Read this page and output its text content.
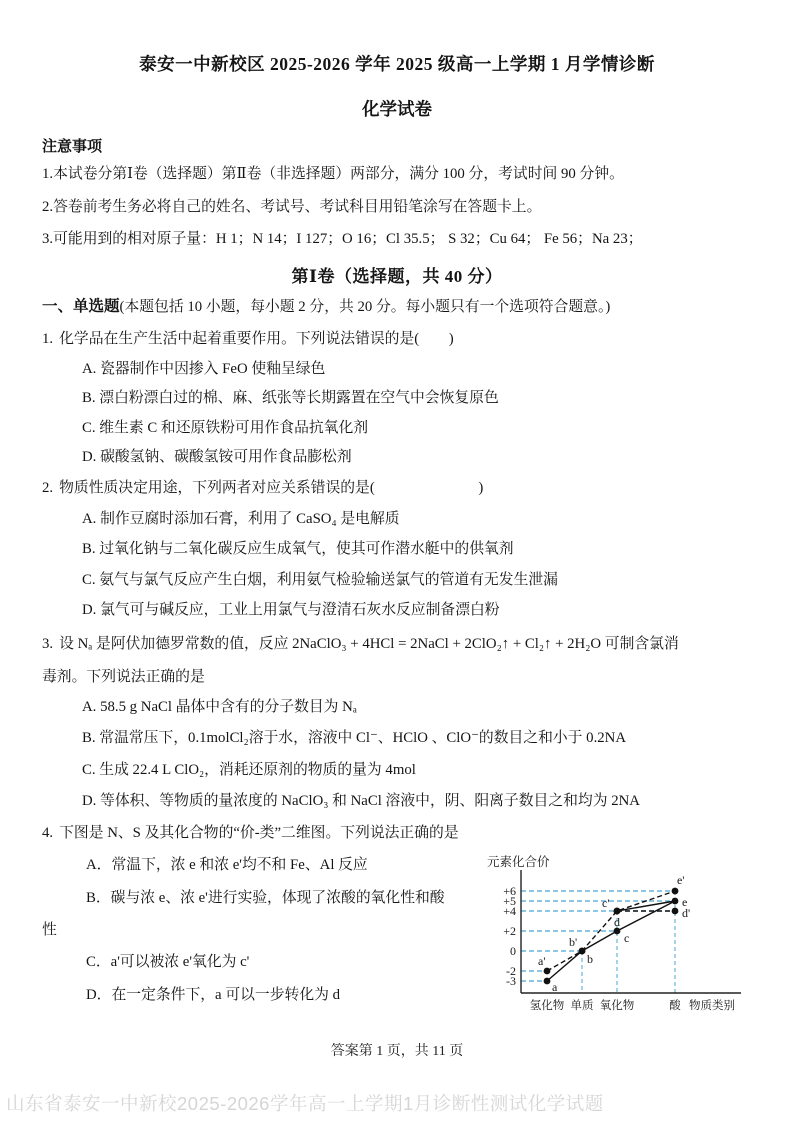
泰安一中新校区 2025-2026 学年 2025 级高一上学期 1 月学情诊断

化学试卷

注意事项

1.本试卷分第Ⅰ卷（选择题）第Ⅱ卷（非选择题）两部分，满分 100 分，考试时间 90 分钟。

2.答卷前考生务必将自己的姓名、考试号、考试科目用铅笔涂写在答题卡上。

3.可能用到的相对原子量：H 1；N 14；I 127；O 16；Cl 35.5； S 32；Cu 64； Fe 56；Na 23；

第Ⅰ卷（选择题，共 40 分）

一、单选题(本题包括 10 小题，每小题 2 分，共 20 分。每小题只有一个选项符合题意。)

1. 化学品在生产生活中起着重要作用。下列说法错误的是(　　)

A. 瓷器制作中因掺入 FeO 使釉呈绿色

B. 漂白粉漂白过的棉、麻、纸张等长期露置在空气中会恢复原色

C. 维生素 C 和还原铁粉可用作食品抗氧化剂

D. 碳酸氢钠、碳酸氢铵可用作食品膨松剂

2. 物质性质决定用途，下列两者对应关系错误的是(　　　　　　　)

A. 制作豆腐时添加石膏，利用了 CaSO₄ 是电解质

B. 过氧化钠与二氧化碳反应生成氧气，使其可作潜水艇中的供氧剂

C. 氨气与氯气反应产生白烟，利用氨气检验输送氯气的管道有无发生泄漏

D. 氯气可与碱反应，工业上用氯气与澄清石灰水反应制备漂白粉

3. 设 Nₐ 是阿伏加德罗常数的值，反应 2NaClO₃ + 4HCl = 2NaCl + 2ClO₂↑ + Cl₂↑ + 2H₂O 可制含氯消

毒剂。下列说法正确的是

A. 58.5 g NaCl 晶体中含有的分子数目为 Nₐ

B. 常温常压下，0.1molCl₂溶于水，溶液中 Cl⁻、HClO 、ClO⁻的数目之和小于 0.2NA

C. 生成 22.4 L ClO₂，消耗还原剂的物质的量为 4mol

D. 等体积、等物质的量浓度的 NaClO₃ 和 NaCl 溶液中，阴、阳离子数目之和均为 2NA

4. 下图是 N、S 及其化合物的“价-类”二维图。下列说法正确的是

A．常温下，浓 e 和浓 e'均不和 Fe、Al 反应

B．碳与浓 e、浓 e'进行实验，体现了浓酸的氧化性和酸

性

C．a'可以被浓 e'氧化为 c'

D．在一定条件下，a 可以一步转化为 d	a
a'	b
b'	c
c'
d
d'
e
e'
+6
+5
+4
+2
0
-2
-3
氢化物 单质 氧化物	酸 物质类别
元素化合价
答案第 1 页，共 11 页
山东省泰安一中新校2025-2026学年高一上学期1月诊断性测试化学试题
